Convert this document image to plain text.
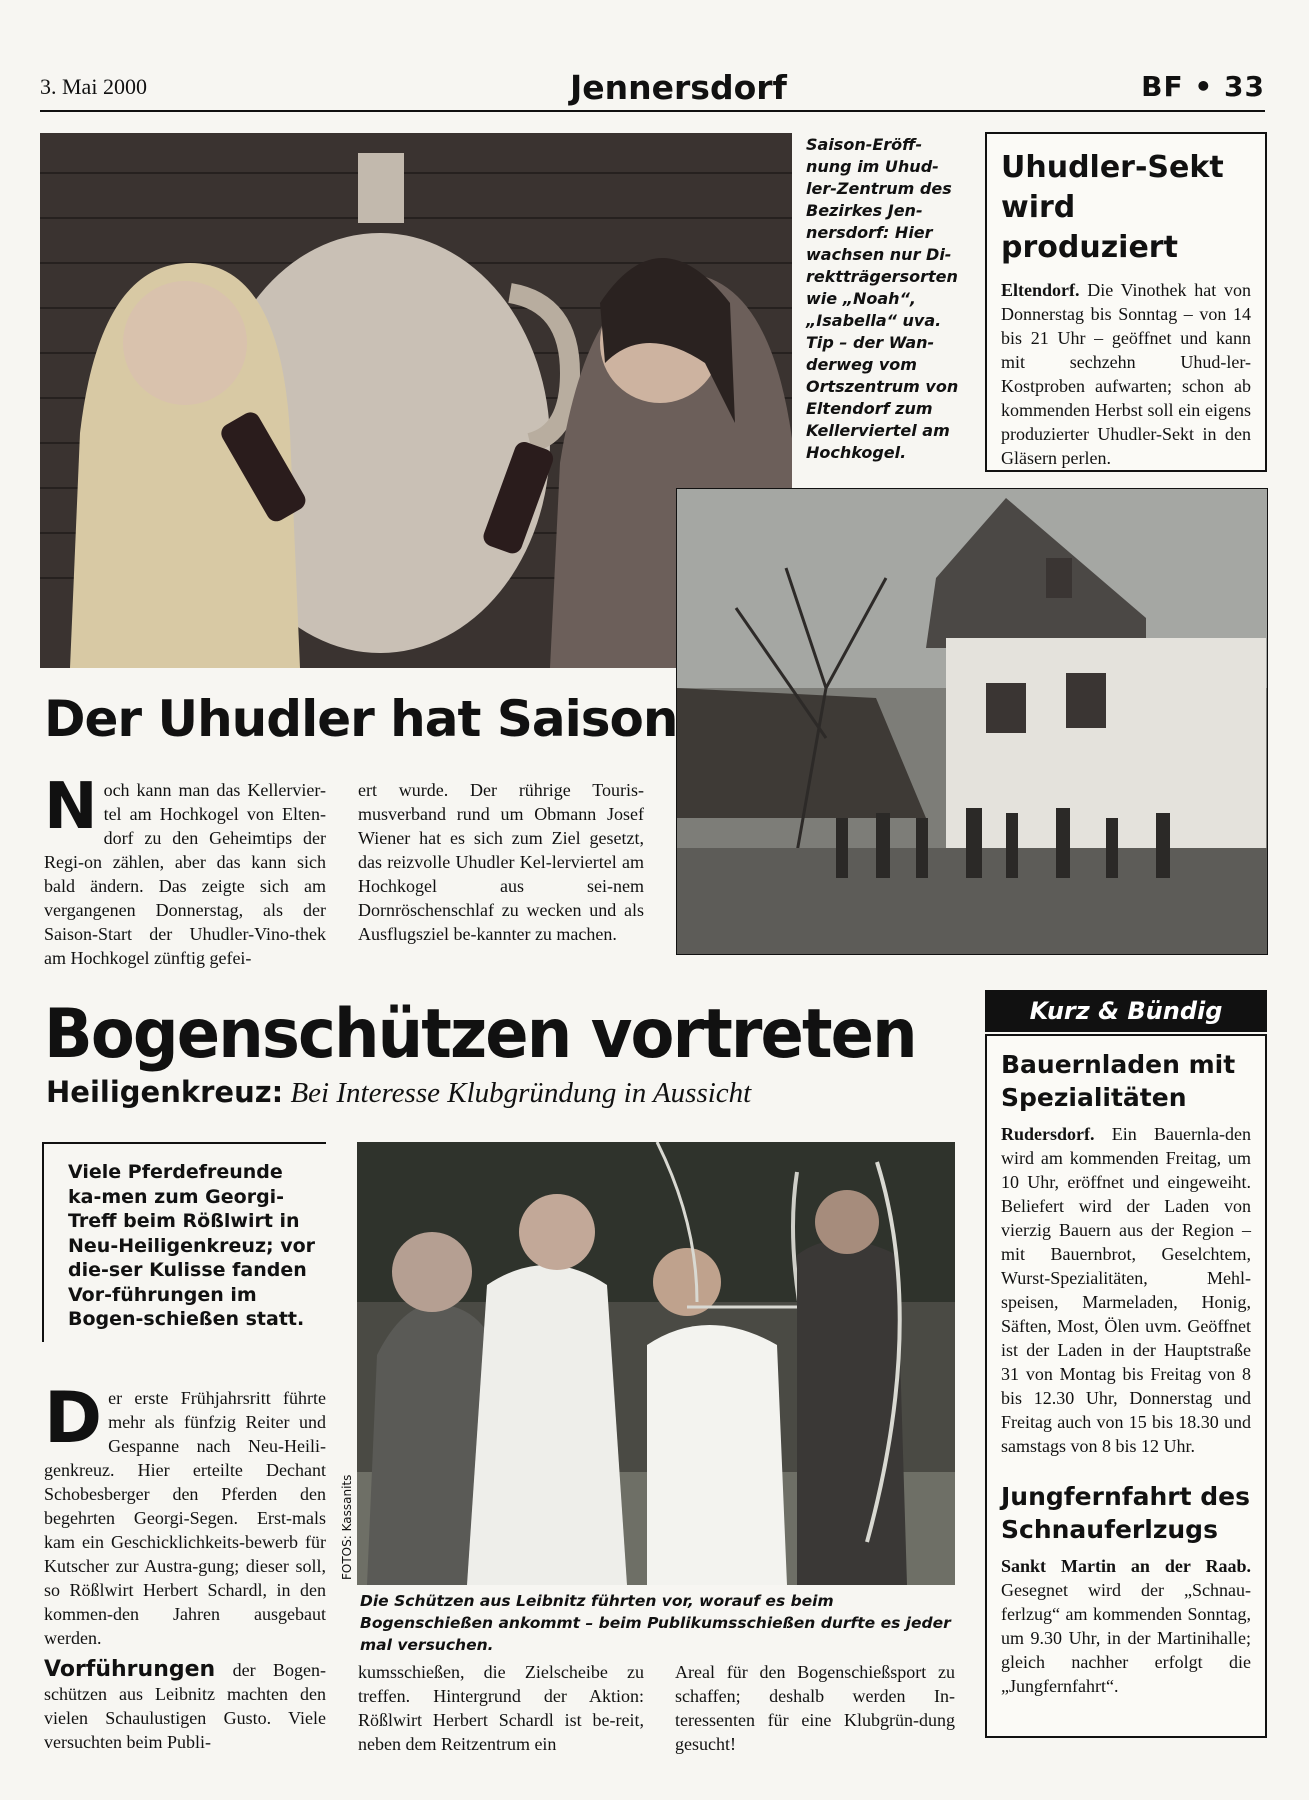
3. Mai 2000	Jennersdorf	BF • 33
Saison-Eröff-
nung im Uhud-
ler-Zentrum des
Bezirkes Jen-
nersdorf: Hier
wachsen nur Di-
rektträgersorten
wie „Noah“,
„Isabella“ uva.
Tip – der Wan-
derweg vom
Ortszentrum von
Eltendorf zum
Kellerviertel am
Hochkogel.
Uhudler-Sekt
wird produziert
Eltendorf. Die Vinothek hat von Donnerstag bis Sonntag – von 14 bis 21 Uhr – geöffnet und kann mit sechzehn Uhud-ler-Kostproben aufwarten; schon ab kommenden Herbst soll ein eigens produzierter Uhudler-Sekt in den Gläsern perlen.
Der Uhudler hat Saison
Noch kann man das Kellervier-tel am Hochkogel von Elten-dorf zu den Geheimtips der Regi-on zählen, aber das kann sich bald ändern. Das zeigte sich am vergangenen Donnerstag, als der Saison-Start der Uhudler-Vino-thek am Hochkogel zünftig gefei-
ert wurde. Der rührige Touris-musverband rund um Obmann Josef Wiener hat es sich zum Ziel gesetzt, das reizvolle Uhudler Kel-lerviertel am Hochkogel aus sei-nem Dornröschenschlaf zu wecken und als Ausflugsziel be-kannter zu machen.
Bogenschützen vortreten
Heiligenkreuz: Bei Interesse Klubgründung in Aussicht
Viele Pferdefreunde ka-men zum Georgi-Treff beim Rößlwirt in Neu-Heiligenkreuz; vor die-ser Kulisse fanden Vor-führungen im Bogen-schießen statt.
Der erste Frühjahrsritt führte mehr als fünfzig Reiter und Gespanne nach Neu-Heili-genkreuz. Hier erteilte Dechant Schobesberger den Pferden den begehrten Georgi-Segen. Erst-mals kam ein Geschicklichkeits-bewerb für Kutscher zur Austra-gung; dieser soll, so Rößlwirt Herbert Schardl, in den kommen-den Jahren ausgebaut werden.
Vorführungen der Bogen-schützen aus Leibnitz machten den vielen Schaulustigen Gusto. Viele versuchten beim Publi-
FOTOS: Kassanits
Die Schützen aus Leibnitz führten vor, worauf es beim Bogenschießen ankommt – beim Publikumsschießen durfte es jeder mal versuchen.
kumsschießen, die Zielscheibe zu treffen. Hintergrund der Aktion: Rößlwirt Herbert Schardl ist be-reit, neben dem Reitzentrum ein
Areal für den Bogenschießsport zu schaffen; deshalb werden In-teressenten für eine Klubgrün-dung gesucht!
Kurz & Bündig
Bauernladen mit Spezialitäten
Rudersdorf. Ein Bauernla-den wird am kommenden Freitag, um 10 Uhr, eröffnet und eingeweiht. Beliefert wird der Laden von vierzig Bauern aus der Region – mit Bauernbrot, Geselchtem, Wurst-Spezialitäten, Mehl-speisen, Marmeladen, Honig, Säften, Most, Ölen uvm. Geöffnet ist der Laden in der Hauptstraße 31 von Montag bis Freitag von 8 bis 12.30 Uhr, Donnerstag und Freitag auch von 15 bis 18.30 und samstags von 8 bis 12 Uhr.
Jungfernfahrt des Schnauferlzugs
Sankt Martin an der Raab. Gesegnet wird der „Schnau-ferlzug“ am kommenden Sonntag, um 9.30 Uhr, in der Martinihalle; gleich nachher erfolgt die „Jungfernfahrt“.
